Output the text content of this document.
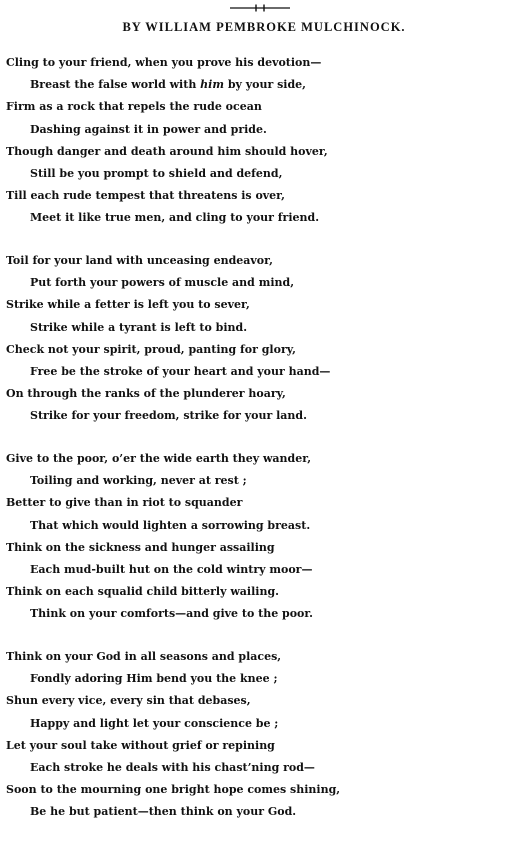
BY WILLIAM PEMBROKE MULCHINOCK.
Cling to your friend, when you prove his devotion—
Breast the false world with him by your side,
Firm as a rock that repels the rude ocean
Dashing against it in power and pride.
Though danger and death around him should hover,
Still be you prompt to shield and defend,
Till each rude tempest that threatens is over,
Meet it like true men, and cling to your friend.
Toil for your land with unceasing endeavor,
Put forth your powers of muscle and mind,
Strike while a fetter is left you to sever,
Strike while a tyrant is left to bind.
Check not your spirit, proud, panting for glory,
Free be the stroke of your heart and your hand—
On through the ranks of the plunderer hoary,
Strike for your freedom, strike for your land.
Give to the poor, o’er the wide earth they wander,
Toiling and working, never at rest ;
Better to give than in riot to squander
That which would lighten a sorrowing breast.
Think on the sickness and hunger assailing
Each mud-built hut on the cold wintry moor—
Think on each squalid child bitterly wailing.
Think on your comforts—and give to the poor.
Think on your God in all seasons and places,
Fondly adoring Him bend you the knee ;
Shun every vice, every sin that debases,
Happy and light let your conscience be ;
Let your soul take without grief or repining
Each stroke he deals with his chast’ning rod—
Soon to the mourning one bright hope comes shining,
Be he but patient—then think on your God.
